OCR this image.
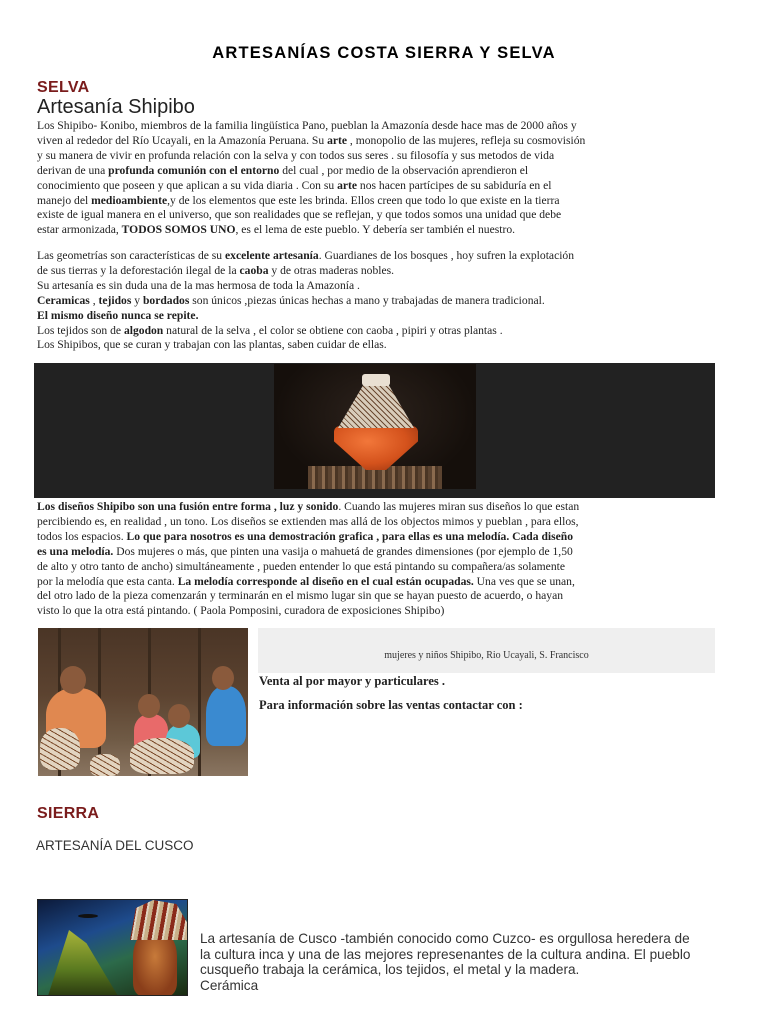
ARTESANÍAS COSTA SIERRA Y SELVA
SELVA
Artesanía Shipibo
Los Shipibo- Konibo, miembros de la familia lingüística Pano, pueblan la Amazonía desde hace mas de 2000 años y
viven al rededor del Río Ucayali, en la Amazonía Peruana. Su arte , monopolio de las mujeres, refleja su cosmovisión
y su manera de vivir en profunda relación con la selva y con todos sus seres . su filosofía y sus metodos de vida
derivan de una profunda comunión con el entorno del cual , por medio de la observación aprendieron el
conocimiento que poseen y que aplican a su vida diaria . Con su arte nos hacen partícipes de su sabiduría en el
manejo del medioambiente,y de los elementos que este les brinda. Ellos creen que todo lo que existe en la tierra
existe de igual manera en el universo, que son realidades que se reflejan, y que todos somos una unidad que debe
estar armonizada, TODOS SOMOS UNO, es el lema de este pueblo. Y debería ser también el nuestro.
Las geometrías son características de su excelente artesanía. Guardianes de los bosques , hoy sufren la explotación
de sus tierras y la deforestación ilegal de la caoba y de otras maderas nobles.
Su artesanía es sin duda una de la mas hermosa de toda la Amazonía .
Ceramicas , tejidos y bordados son únicos ,piezas únicas hechas a mano y trabajadas de manera tradicional.
El mismo diseño nunca se repite.
Los tejidos son de algodon natural de la selva , el color se obtiene con caoba , pipiri y otras plantas .
Los Shipibos, que se curan y trabajan con las plantas, saben cuidar de ellas.
Los diseños Shipibo son una fusión entre forma , luz y sonido. Cuando las mujeres miran sus diseños lo que estan
percibiendo es, en realidad , un tono. Los diseños se extienden mas allá de los objectos mimos y pueblan , para ellos,
todos los espacios. Lo que para nosotros es una demostración grafica , para ellas es una melodía. Cada diseño
es una melodía. Dos mujeres o más, que pinten una vasija o mahuetá de grandes dimensiones (por ejemplo de 1,50
de alto y otro tanto de ancho) simultáneamente , pueden entender lo que está pintando su compañera/as solamente
por la melodía que esta canta. La melodía corresponde al diseño en el cual están ocupadas. Una ves que se unan,
del otro lado de la pieza comenzarán y terminarán en el mismo lugar sin que se hayan puesto de acuerdo, o hayan
visto lo que la otra está pintando. ( Paola Pomposini, curadora de exposiciones Shipibo)
mujeres y niños Shipibo, Rio Ucayali, S. Francisco
Venta al por mayor y particulares .
Para información sobre las ventas contactar con :
SIERRA
ARTESANÍA DEL CUSCO
La artesanía de Cusco -también conocido como Cuzco- es orgullosa heredera de
la cultura inca y una de las mejores represenantes de la cultura andina. El pueblo
cusqueño trabaja la cerámica, los tejidos, el metal y la madera.
Cerámica
